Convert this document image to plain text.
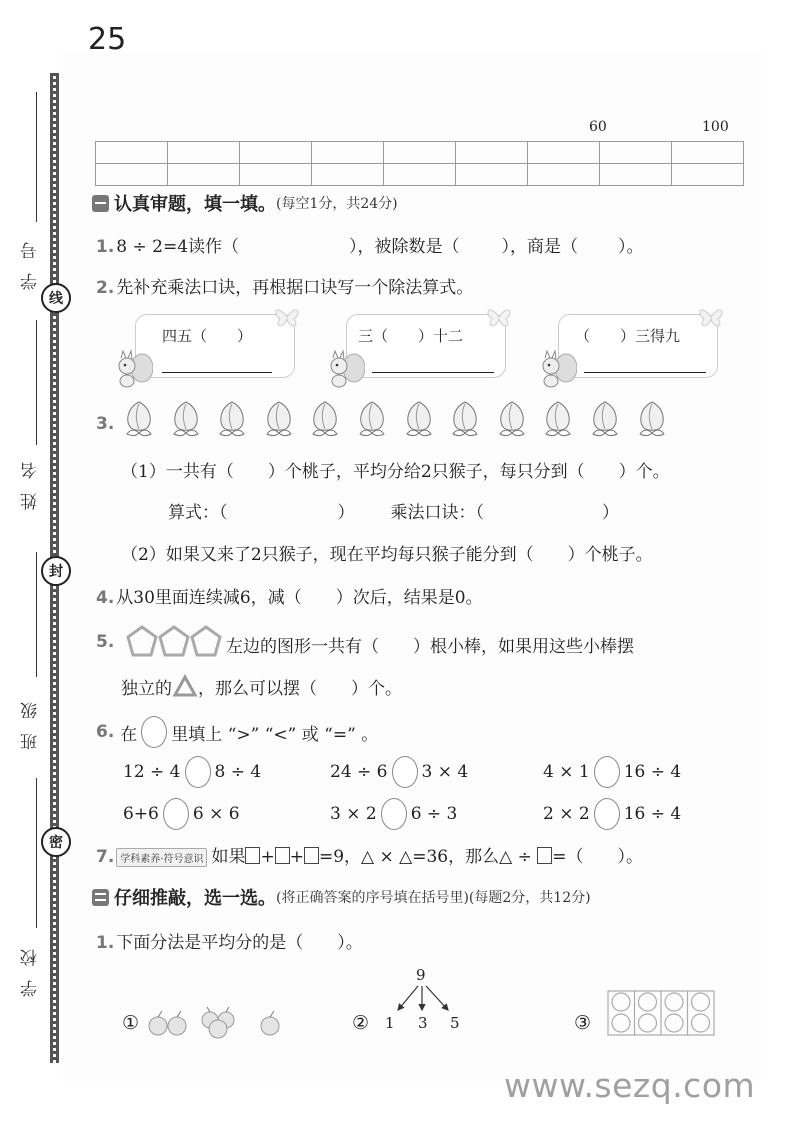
25
线
封
密
学号
姓名
班级
学校
60	100

认真审题，填一填。 (每空1分，共24分)
1. 8 ÷ 2=4读作（	），被除数是（ ），商是（ ）。
2. 先补充乘法口诀，再根据口诀写一个除法算式。
四五（　　）	三（　　）十二	（　　）三得九
3.
（1）一共有（ ）个桃子，平均分给2只猴子，每只分到（ ）个。
算式：（	） 乘法口诀：（	）
（2）如果又来了2只猴子，现在平均每只猴子能分到（ ）个桃子。
4. 从30里面连续减6，减（ ）次后，结果是0。
5.	左边的图形一共有（ ）根小棒，如果用这些小棒摆
独立的 ，那么可以摆（ ）个。
6. 在 里填上 “>” “<” 或 “=” 。
12 ÷ 4 8 ÷ 4	24 ÷ 6 3 × 4	4 × 1 16 ÷ 4
6+6 6 × 6	3 × 2 6 ÷ 3	2 × 2 16 ÷ 4
7. 学科素养·符号意识 如果 + + =9，△ × △=36，那么△ ÷ =（ ）。
仔细推敲，选一选。 (将正确答案的序号填在括号里)(每题2分，共12分)
1. 下面分法是平均分的是（ ）。
①	②
9
1 3 5	③
www.sezq.com
